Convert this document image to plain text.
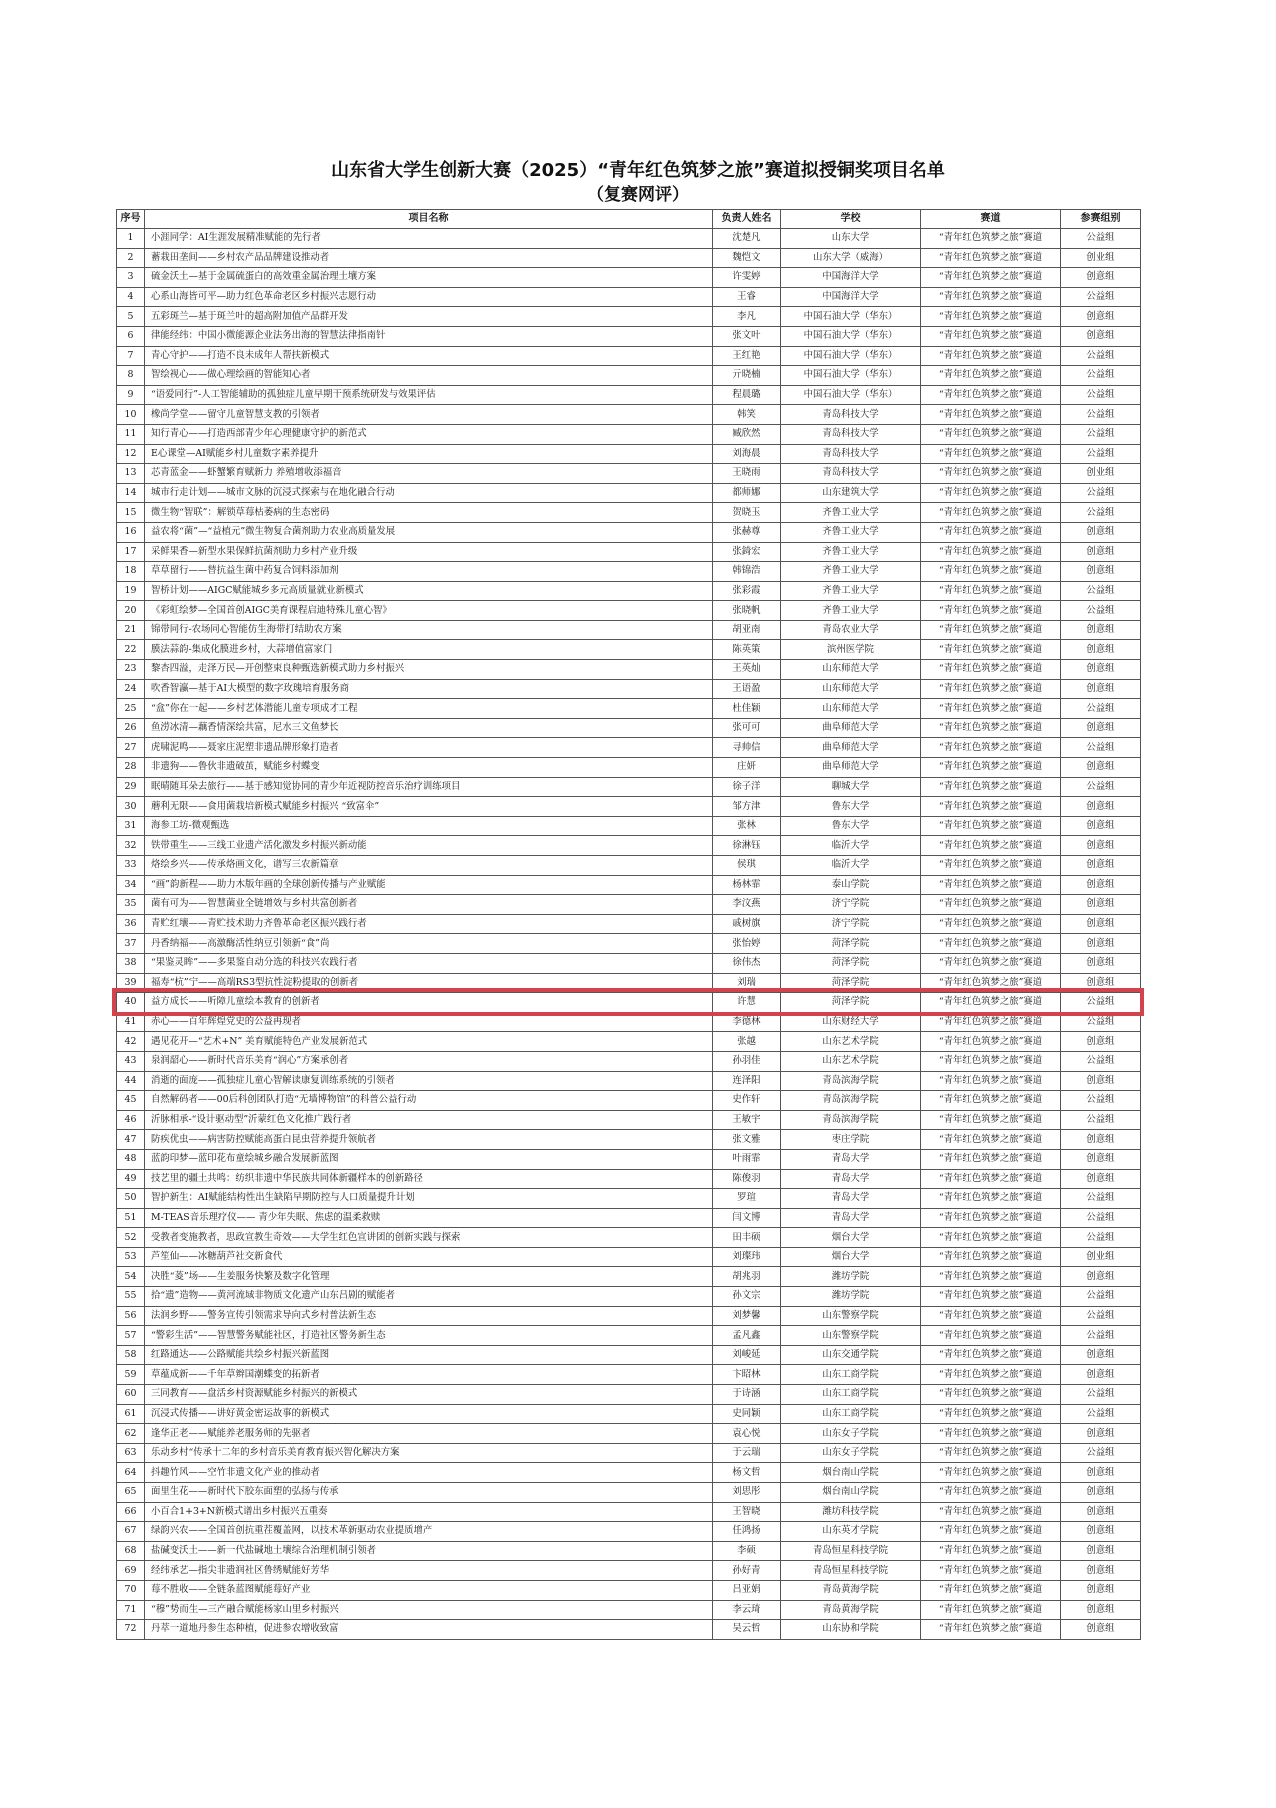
山东省大学生创新大赛（2025）“青年红色筑梦之旅”赛道拟授铜奖项目名单
（复赛网评）
序号	项目名称	负责人姓名	学校	赛道	参赛组别
1	小涯同学：AI生涯发展精准赋能的先行者	沈楚凡	山东大学	“青年红色筑梦之旅”赛道	公益组
2	蓄栽田垄间——乡村农产品品牌建设推动者	魏恺文	山东大学（威海）	“青年红色筑梦之旅”赛道	创业组
3	硫金沃土—基于金属硫蛋白的高效重金属治理土壤方案	许雯婷	中国海洋大学	“青年红色筑梦之旅”赛道	创意组
4	心系山海皆可平—助力红色革命老区乡村振兴志愿行动	王睿	中国海洋大学	“青年红色筑梦之旅”赛道	公益组
5	五彩斑兰—基于斑兰叶的超高附加值产品群开发	李凡	中国石油大学（华东）	“青年红色筑梦之旅”赛道	创意组
6	律能经纬：中国小微能源企业法务出海的智慧法律指南针	张文叶	中国石油大学（华东）	“青年红色筑梦之旅”赛道	创意组
7	青心守护——打造不良未成年人帮扶新模式	王红艳	中国石油大学（华东）	“青年红色筑梦之旅”赛道	公益组
8	智绘视心——做心理绘画的智能知心者	亓晓楠	中国石油大学（华东）	“青年红色筑梦之旅”赛道	公益组
9	“语爱同行”-人工智能辅助的孤独症儿童早期干预系统研发与效果评估	程晨璐	中国石油大学（华东）	“青年红色筑梦之旅”赛道	公益组
10	橡尚学堂——留守儿童智慧支教的引领者	韩笑	青岛科技大学	“青年红色筑梦之旅”赛道	公益组
11	知行青心——打造西部青少年心理健康守护的新范式	臧欣然	青岛科技大学	“青年红色筑梦之旅”赛道	公益组
12	E心课堂—AI赋能乡村儿童数字素养提升	刘海晨	青岛科技大学	“青年红色筑梦之旅”赛道	公益组
13	芯青蓝金——虾蟹繁育赋新力 养殖增收添福音	王晓雨	青岛科技大学	“青年红色筑梦之旅”赛道	创业组
14	城市行走计划——城市文脉的沉浸式探索与在地化融合行动	都师娜	山东建筑大学	“青年红色筑梦之旅”赛道	公益组
15	微生物“智联”：解锁草莓枯萎病的生态密码	贺晓玉	齐鲁工业大学	“青年红色筑梦之旅”赛道	公益组
16	益农将“菌”—“益植元”微生物复合菌剂助力农业高质量发展	张赫尊	齐鲁工业大学	“青年红色筑梦之旅”赛道	创意组
17	采鲜果香—新型水果保鲜抗菌剂助力乡村产业升级	张錡宏	齐鲁工业大学	“青年红色筑梦之旅”赛道	创意组
18	草草留行——替抗益生菌中药复合饲料添加剂	韩锦浩	齐鲁工业大学	“青年红色筑梦之旅”赛道	创意组
19	智桥计划——AIGC赋能城乡多元高质量就业新模式	张彩霞	齐鲁工业大学	“青年红色筑梦之旅”赛道	公益组
20	《彩虹绘梦—全国首创AIGC美育课程启迪特殊儿童心智》	张晓帆	齐鲁工业大学	“青年红色筑梦之旅”赛道	公益组
21	锦带同行-农场同心智能仿生海带打结助农方案	胡亚南	青岛农业大学	“青年红色筑梦之旅”赛道	创意组
22	膜法蒜韵-集成化膜进乡村，大蒜增值富家门	陈英策	滨州医学院	“青年红色筑梦之旅”赛道	创意组
23	黎杏四溢，走泽万民—开创整束良种甄选新模式助力乡村振兴	王英灿	山东师范大学	“青年红色筑梦之旅”赛道	创意组
24	吹香智瀛—基于AI大模型的数字玫瑰培育服务商	王语盈	山东师范大学	“青年红色筑梦之旅”赛道	创意组
25	“盒”你在一起——乡村艺体潜能儿童专项成才工程	杜佳颖	山东师范大学	“青年红色筑梦之旅”赛道	公益组
26	鱼涝冰清—藕香情深绘共富，尼水三文鱼梦长	张可可	曲阜师范大学	“青年红色筑梦之旅”赛道	创意组
27	虎啸泥鸣——聂家庄泥塑非遗品牌形象打造者	寻帅信	曲阜师范大学	“青年红色筑梦之旅”赛道	公益组
28	非遗狗——鲁伙非遗破茧，赋能乡村蝶变	庄妍	曲阜师范大学	“青年红色筑梦之旅”赛道	创意组
29	眠晴随耳朵去旅行——基于感知觉协同的青少年近视防控音乐治疗训练项目	徐子洋	聊城大学	“青年红色筑梦之旅”赛道	公益组
30	蘑利无限——食用菌栽培新模式赋能乡村振兴 “致富伞”	邹方津	鲁东大学	“青年红色筑梦之旅”赛道	创意组
31	海参工坊-微观甄选	张林	鲁东大学	“青年红色筑梦之旅”赛道	创意组
32	铁带重生——三线工业遗产活化激发乡村振兴新动能	徐淋钰	临沂大学	“青年红色筑梦之旅”赛道	创意组
33	烙绘乡兴——传承烙画文化，谱写三农新篇章	侯琪	临沂大学	“青年红色筑梦之旅”赛道	创意组
34	“画”韵新程——助力木版年画的全球创新传播与产业赋能	杨林霏	泰山学院	“青年红色筑梦之旅”赛道	创意组
35	菌有可为——智慧菌业全链增效与乡村共富创新者	李汶燕	济宁学院	“青年红色筑梦之旅”赛道	创意组
36	青贮红壤——青贮技术助力齐鲁革命老区振兴践行者	戚树旗	济宁学院	“青年红色筑梦之旅”赛道	创意组
37	丹香纳福——高激酶活性纳豆引领新“食”尚	张怡婷	菏泽学院	“青年红色筑梦之旅”赛道	创意组
38	“果鉴灵眸”——多果鉴自动分选的科技兴农践行者	徐伟杰	菏泽学院	“青年红色筑梦之旅”赛道	创意组
39	福寿“杭”宁——高端RS3型抗性淀粉提取的创新者	刘瑞	菏泽学院	“青年红色筑梦之旅”赛道	创意组
40	益方成长——听障儿童绘本教育的创新者	许慧	菏泽学院	“青年红色筑梦之旅”赛道	公益组
41	赤心——百年辉煌党史的公益再现者	李德林	山东财经大学	“青年红色筑梦之旅”赛道	公益组
42	遇见花开—“艺术+N” 美育赋能特色产业发展新范式	张越	山东艺术学院	“青年红色筑梦之旅”赛道	创意组
43	泉润韶心——新时代音乐美育“润心”方案承创者	孙羽佳	山东艺术学院	“青年红色筑梦之旅”赛道	公益组
44	消逝的面庞——孤独症儿童心智解读康复训练系统的引领者	连泽阳	青岛滨海学院	“青年红色筑梦之旅”赛道	创意组
45	自然解码者——00后科创团队打造“无墙博物馆”的科普公益行动	史作轩	青岛滨海学院	“青年红色筑梦之旅”赛道	公益组
46	沂脉相承-“设计驱动型”沂蒙红色文化推广践行者	王敏宇	青岛滨海学院	“青年红色筑梦之旅”赛道	公益组
47	防疾优虫——病害防控赋能高蛋白昆虫营养提升领航者	张文雅	枣庄学院	“青年红色筑梦之旅”赛道	创意组
48	蓝韵印梦—蓝印花布童绘城乡融合发展新蓝图	叶雨霏	青岛大学	“青年红色筑梦之旅”赛道	创意组
49	技艺里的疆土共鸣：纺织非遗中华民族共同体新疆样本的创新路径	陈俊羽	青岛大学	“青年红色筑梦之旅”赛道	创意组
50	智护新生：AI赋能结构性出生缺陷早期防控与人口质量提升计划	罗瑄	青岛大学	“青年红色筑梦之旅”赛道	公益组
51	M-TEAS音乐理疗仪—— 青少年失眠、焦虑的温柔救赎	闫文博	青岛大学	“青年红色筑梦之旅”赛道	公益组
52	受教者变施教者，思政宣教生奇效——大学生红色宣讲团的创新实践与探索	田丰硕	烟台大学	“青年红色筑梦之旅”赛道	公益组
53	芦笙仙——冰糖葫芦社交新食代	刘璨玮	烟台大学	“青年红色筑梦之旅”赛道	创业组
54	决胜“菱”场——生姜服务快繁及数字化管理	胡兆羽	潍坊学院	“青年红色筑梦之旅”赛道	创意组
55	拾“遗”造物——黄河流域非物质文化遗产山东吕剧的赋能者	孙文宗	潍坊学院	“青年红色筑梦之旅”赛道	公益组
56	法润乡野——警务宣传引领需求导向式乡村普法新生态	刘梦馨	山东警察学院	“青年红色筑梦之旅”赛道	公益组
57	“警彩生活”——智慧警务赋能社区，打造社区警务新生态	孟凡鑫	山东警察学院	“青年红色筑梦之旅”赛道	公益组
58	红路通达——公路赋能共绘乡村振兴新蓝图	刘峻延	山东交通学院	“青年红色筑梦之旅”赛道	创意组
59	草蕴成新——千年草辫国潮蝶变的拓新者	卞昭林	山东工商学院	“青年红色筑梦之旅”赛道	创意组
60	三同教育——盘活乡村资源赋能乡村振兴的新模式	于诗涵	山东工商学院	“青年红色筑梦之旅”赛道	公益组
61	沉浸式传播——讲好黄金密运故事的新模式	史同颖	山东工商学院	“青年红色筑梦之旅”赛道	公益组
62	逢华正老——赋能养老服务师的先驱者	袁心悦	山东女子学院	“青年红色筑梦之旅”赛道	创意组
63	乐动乡村“传承十二年的乡村音乐美育教育振兴智化解决方案	于云瑞	山东女子学院	“青年红色筑梦之旅”赛道	公益组
64	抖趣竹风——空竹非遗文化产业的推动者	杨文哲	烟台南山学院	“青年红色筑梦之旅”赛道	创意组
65	面里生花——新时代下胶东面塑的弘扬与传承	刘思彤	烟台南山学院	“青年红色筑梦之旅”赛道	创意组
66	小百合1+3+N新模式谱出乡村振兴五重奏	王智晓	潍坊科技学院	“青年红色筑梦之旅”赛道	创意组
67	绿韵兴农——全国首创抗重茬覆盖网，以技术革新驱动农业提质增产	任鸿扬	山东英才学院	“青年红色筑梦之旅”赛道	创意组
68	盐碱变沃土——新一代盐碱地土壤综合治理机制引领者	李硕	青岛恒星科技学院	“青年红色筑梦之旅”赛道	创意组
69	经纬承艺—指尖非遗润社区鲁绣赋能好芳华	孙好青	青岛恒星科技学院	“青年红色筑梦之旅”赛道	创意组
70	莓不胜收——全链条蓝图赋能莓好产业	吕亚娟	青岛黄海学院	“青年红色筑梦之旅”赛道	创意组
71	“穆”势而生—三产融合赋能杨家山里乡村振兴	李云琦	青岛黄海学院	“青年红色筑梦之旅”赛道	创意组
72	丹萃一道地丹参生态种植，促进参农增收致富	吴云哲	山东协和学院	“青年红色筑梦之旅”赛道	创意组
